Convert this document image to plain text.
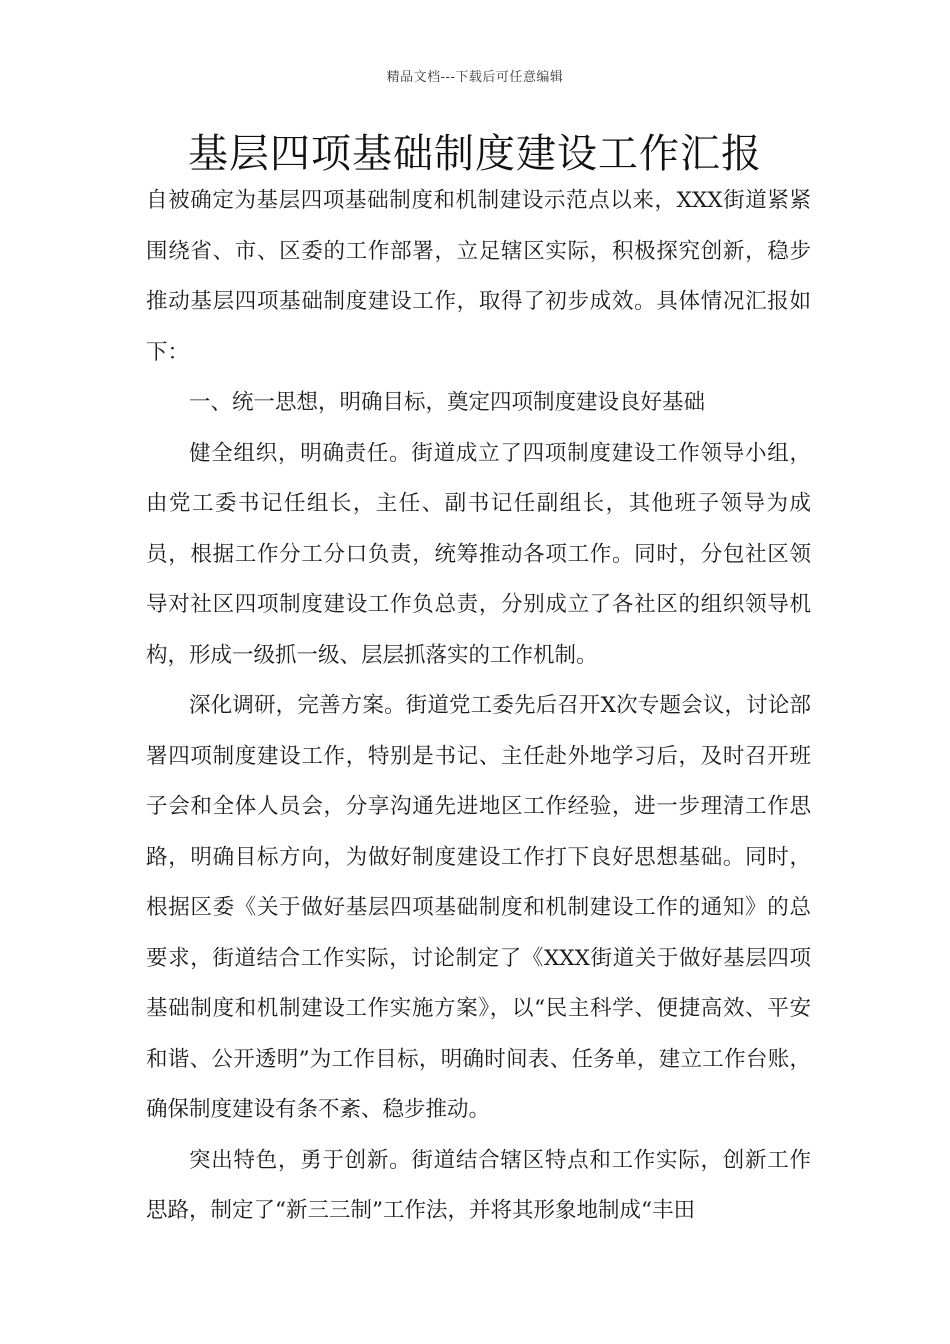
精品文档---下载后可任意编辑
基层四项基础制度建设工作汇报

自被确定为基层四项基础制度和机制建设示范点以来，XXX街道紧紧围绕省、市、区委的工作部署，立足辖区实际，积极探究创新，稳步推动基层四项基础制度建设工作，取得了初步成效。具体情况汇报如下：

一、统一思想，明确目标，奠定四项制度建设良好基础

健全组织，明确责任。街道成立了四项制度建设工作领导小组，由党工委书记任组长，主任、副书记任副组长，其他班子领导为成员，根据工作分工分口负责，统筹推动各项工作。同时，分包社区领导对社区四项制度建设工作负总责，分别成立了各社区的组织领导机构，形成一级抓一级、层层抓落实的工作机制。

深化调研，完善方案。街道党工委先后召开X次专题会议，讨论部署四项制度建设工作，特别是书记、主任赴外地学习后，及时召开班子会和全体人员会，分享沟通先进地区工作经验，进一步理清工作思路，明确目标方向，为做好制度建设工作打下良好思想基础。同时，根据区委《关于做好基层四项基础制度和机制建设工作的通知》的总要求，街道结合工作实际，讨论制定了《XXX街道关于做好基层四项基础制度和机制建设工作实施方案》，以“民主科学、便捷高效、平安和谐、公开透明”为工作目标，明确时间表、任务单，建立工作台账，确保制度建设有条不紊、稳步推动。

突出特色，勇于创新。街道结合辖区特点和工作实际，创新工作思路，制定了“新三三制”工作法，并将其形象地制成“丰田
